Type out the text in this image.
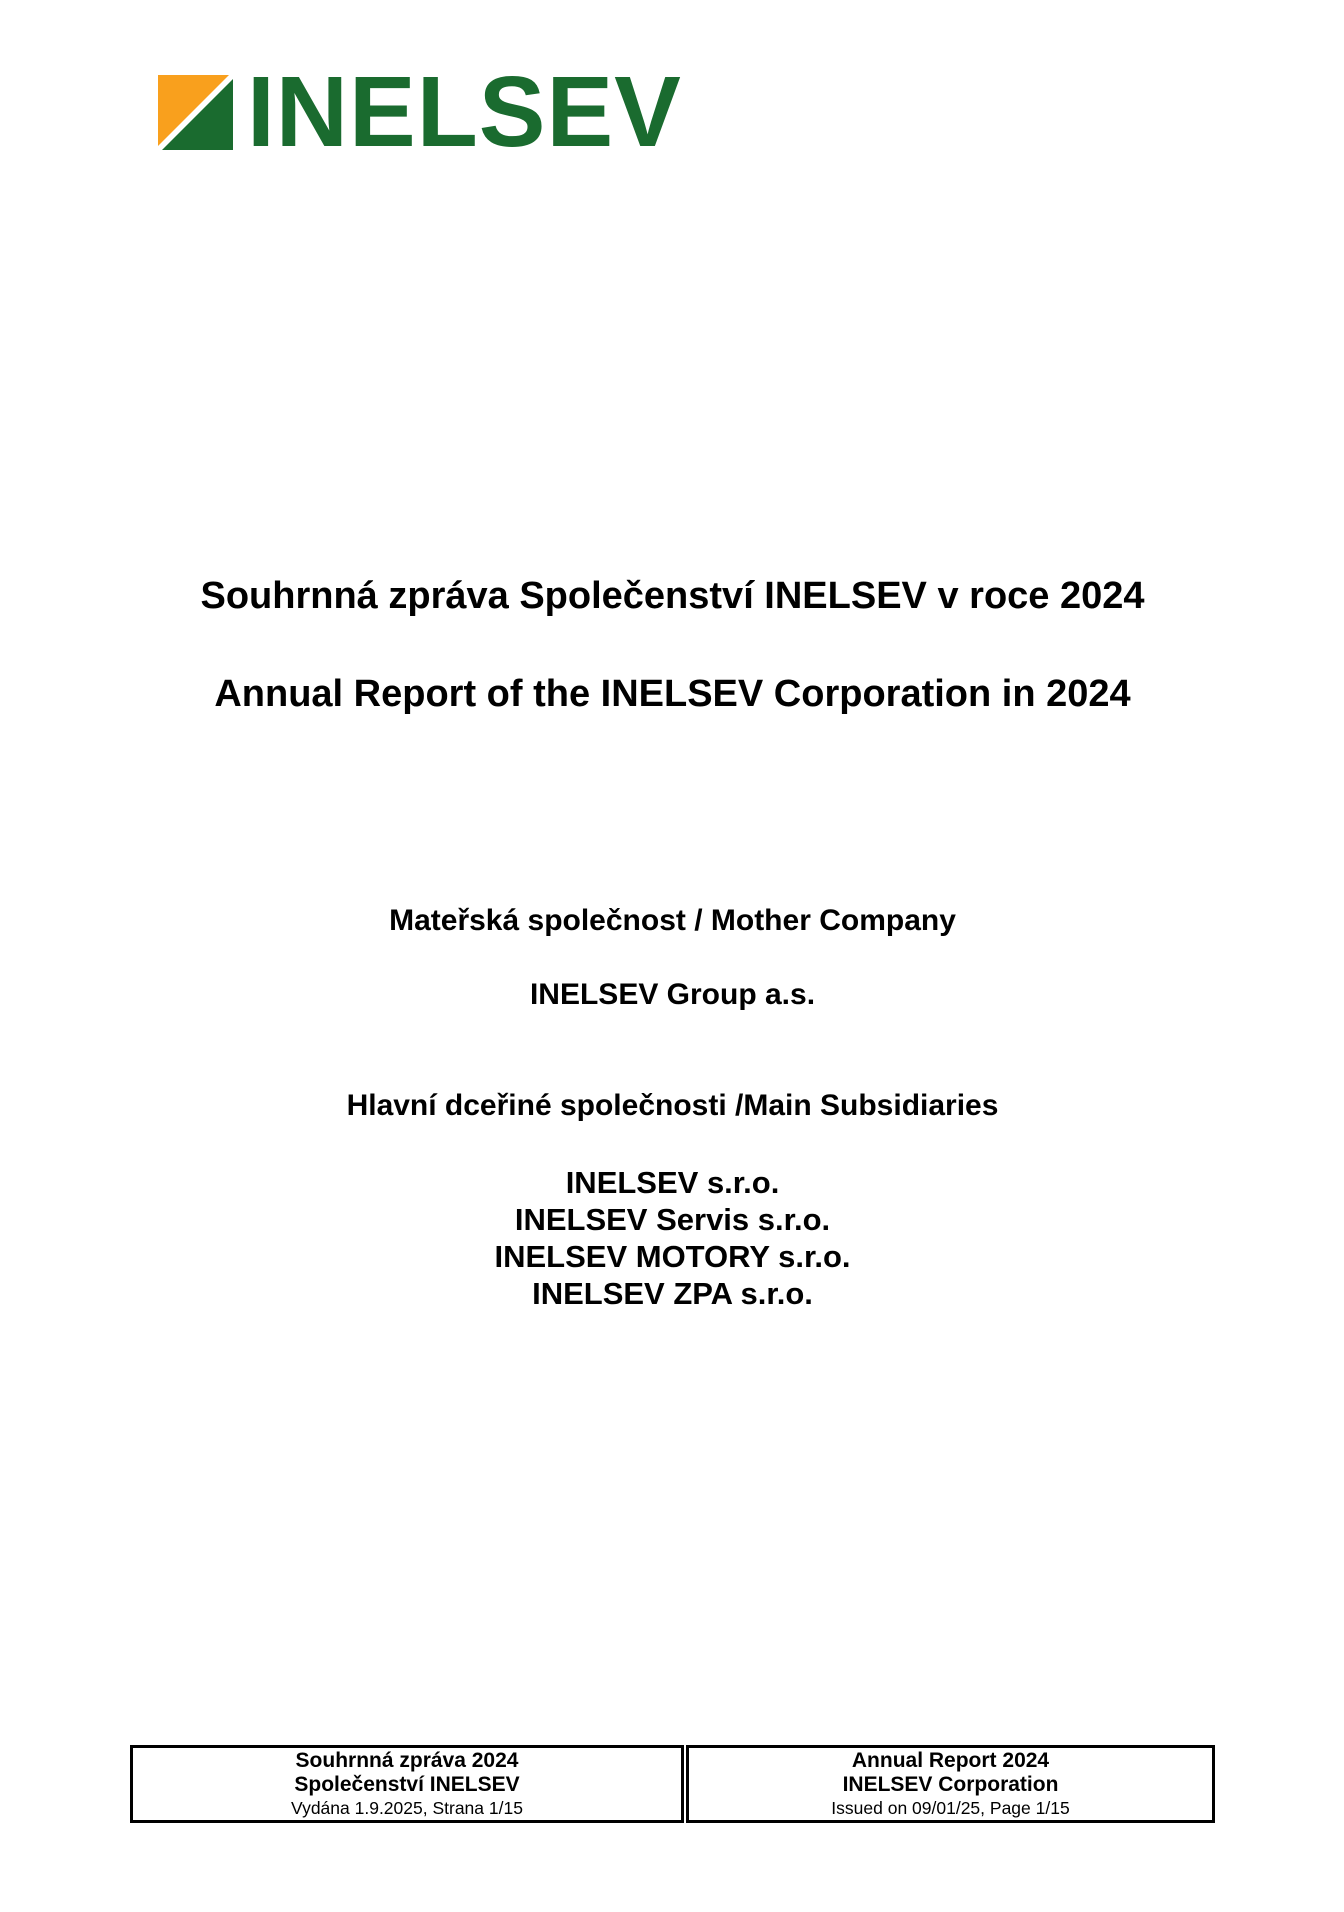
INELSEV
Souhrnná zpráva Společenství INELSEV v roce 2024
Annual Report of the INELSEV Corporation in 2024
Mateřská společnost / Mother Company
INELSEV Group a.s.
Hlavní dceřiné společnosti /Main Subsidiaries
INELSEV s.r.o.
INELSEV Servis s.r.o.
INELSEV MOTORY s.r.o.
INELSEV ZPA s.r.o.
Souhrnná zpráva 2024
Společenství INELSEV
Vydána 1.9.2025, Strana 1/15
Annual Report 2024
INELSEV Corporation
Issued on 09/01/25, Page 1/15
